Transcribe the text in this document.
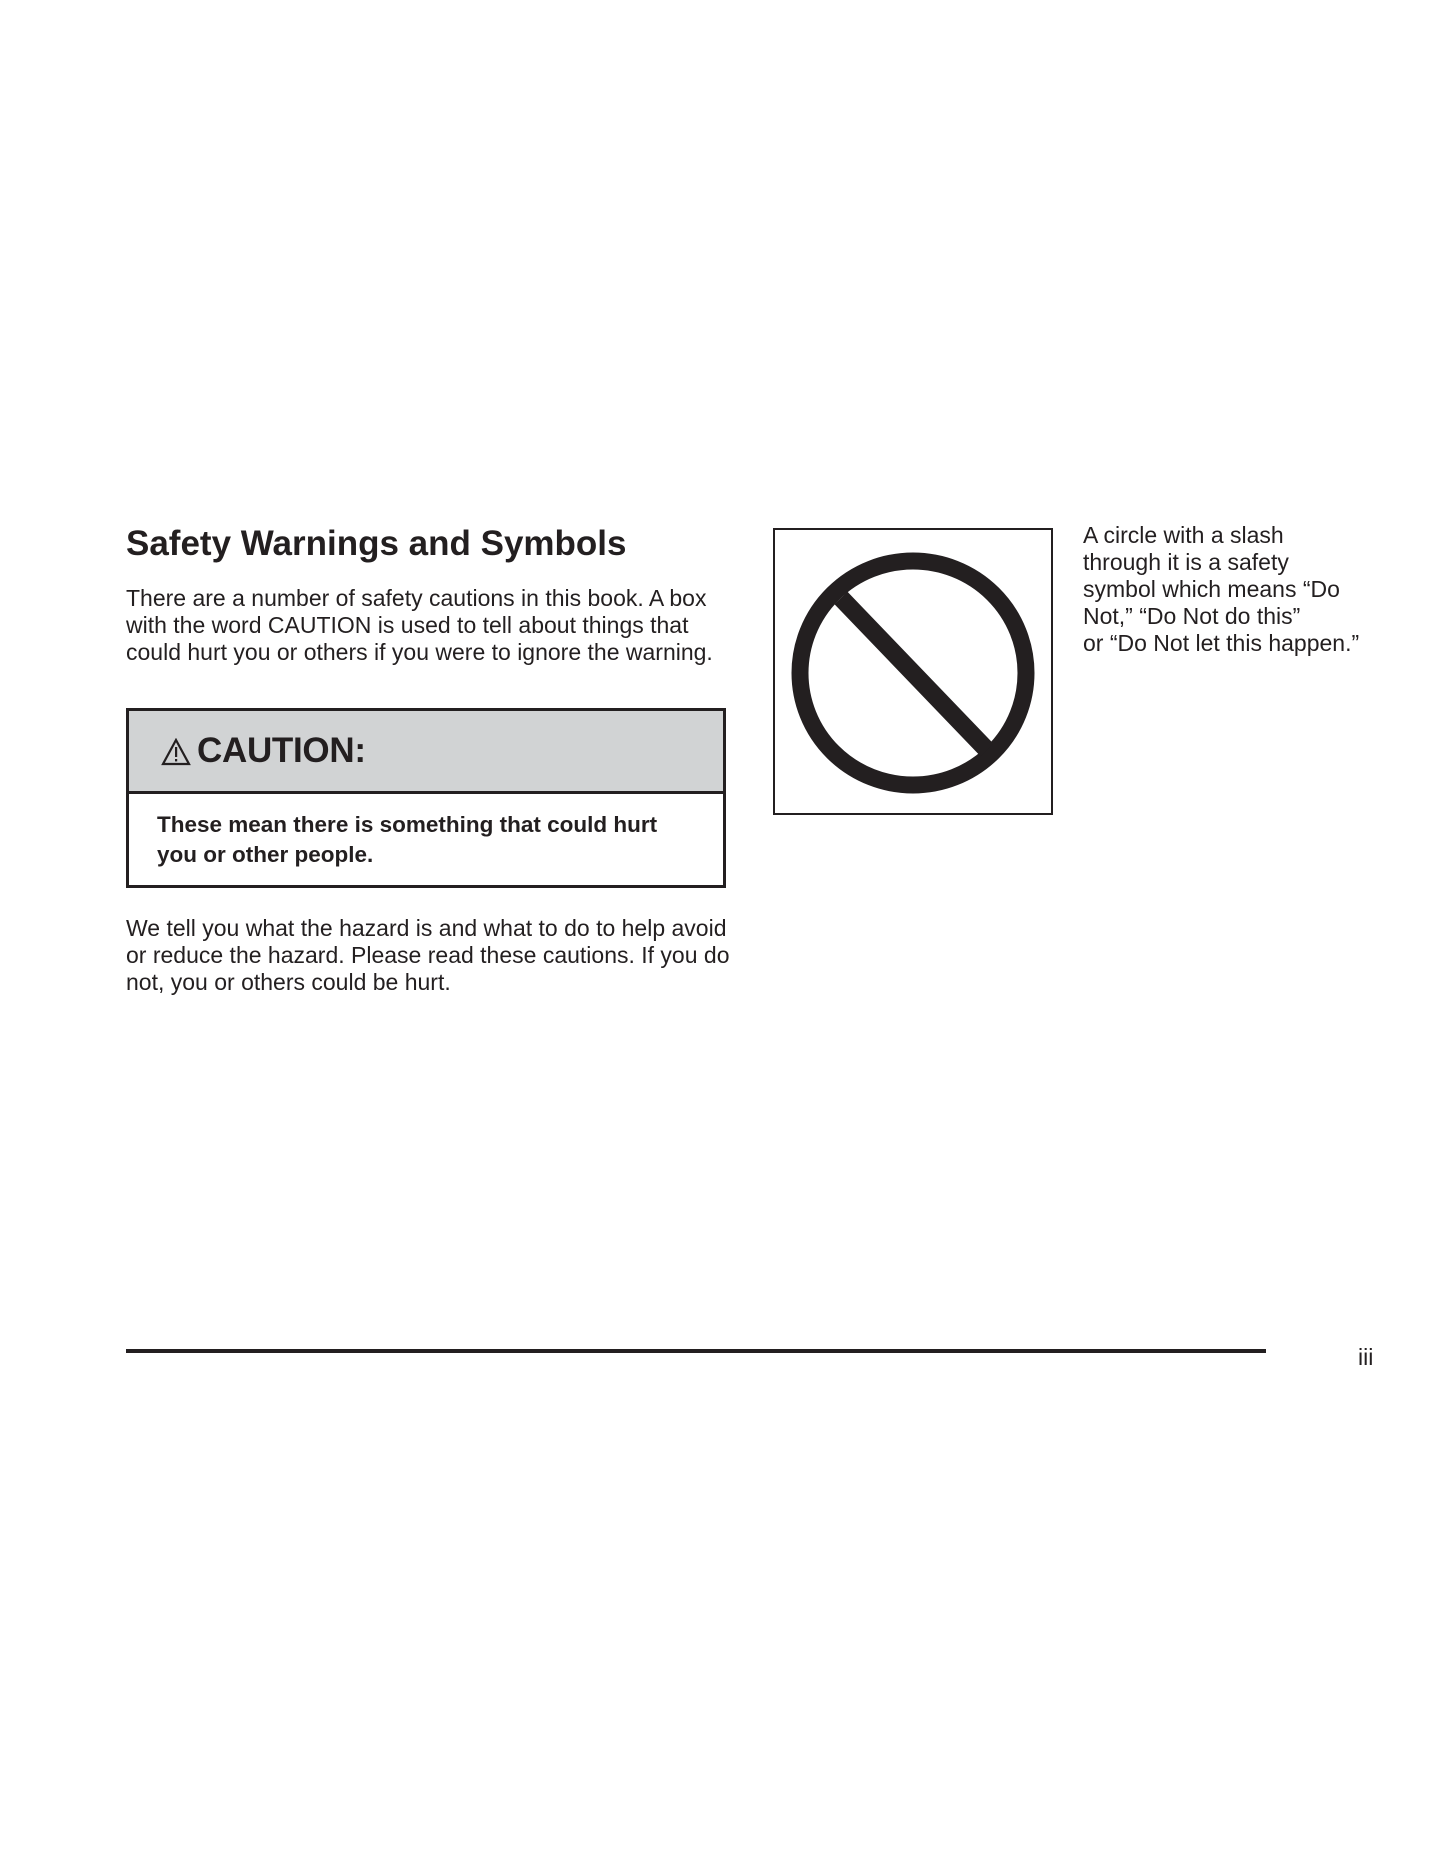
Safety Warnings and Symbols

There are a number of safety cautions in this book. A box with the word CAUTION is used to tell about things that could hurt you or others if you were to ignore the warning.

CAUTION:
These mean there is something that could hurt you or other people.

We tell you what the hazard is and what to do to help avoid or reduce the hazard. Please read these cautions. If you do not, you or others could be hurt.

A circle with a slash
through it is a safety
symbol which means “Do
Not,” “Do Not do this”
or “Do Not let this happen.”

iii
